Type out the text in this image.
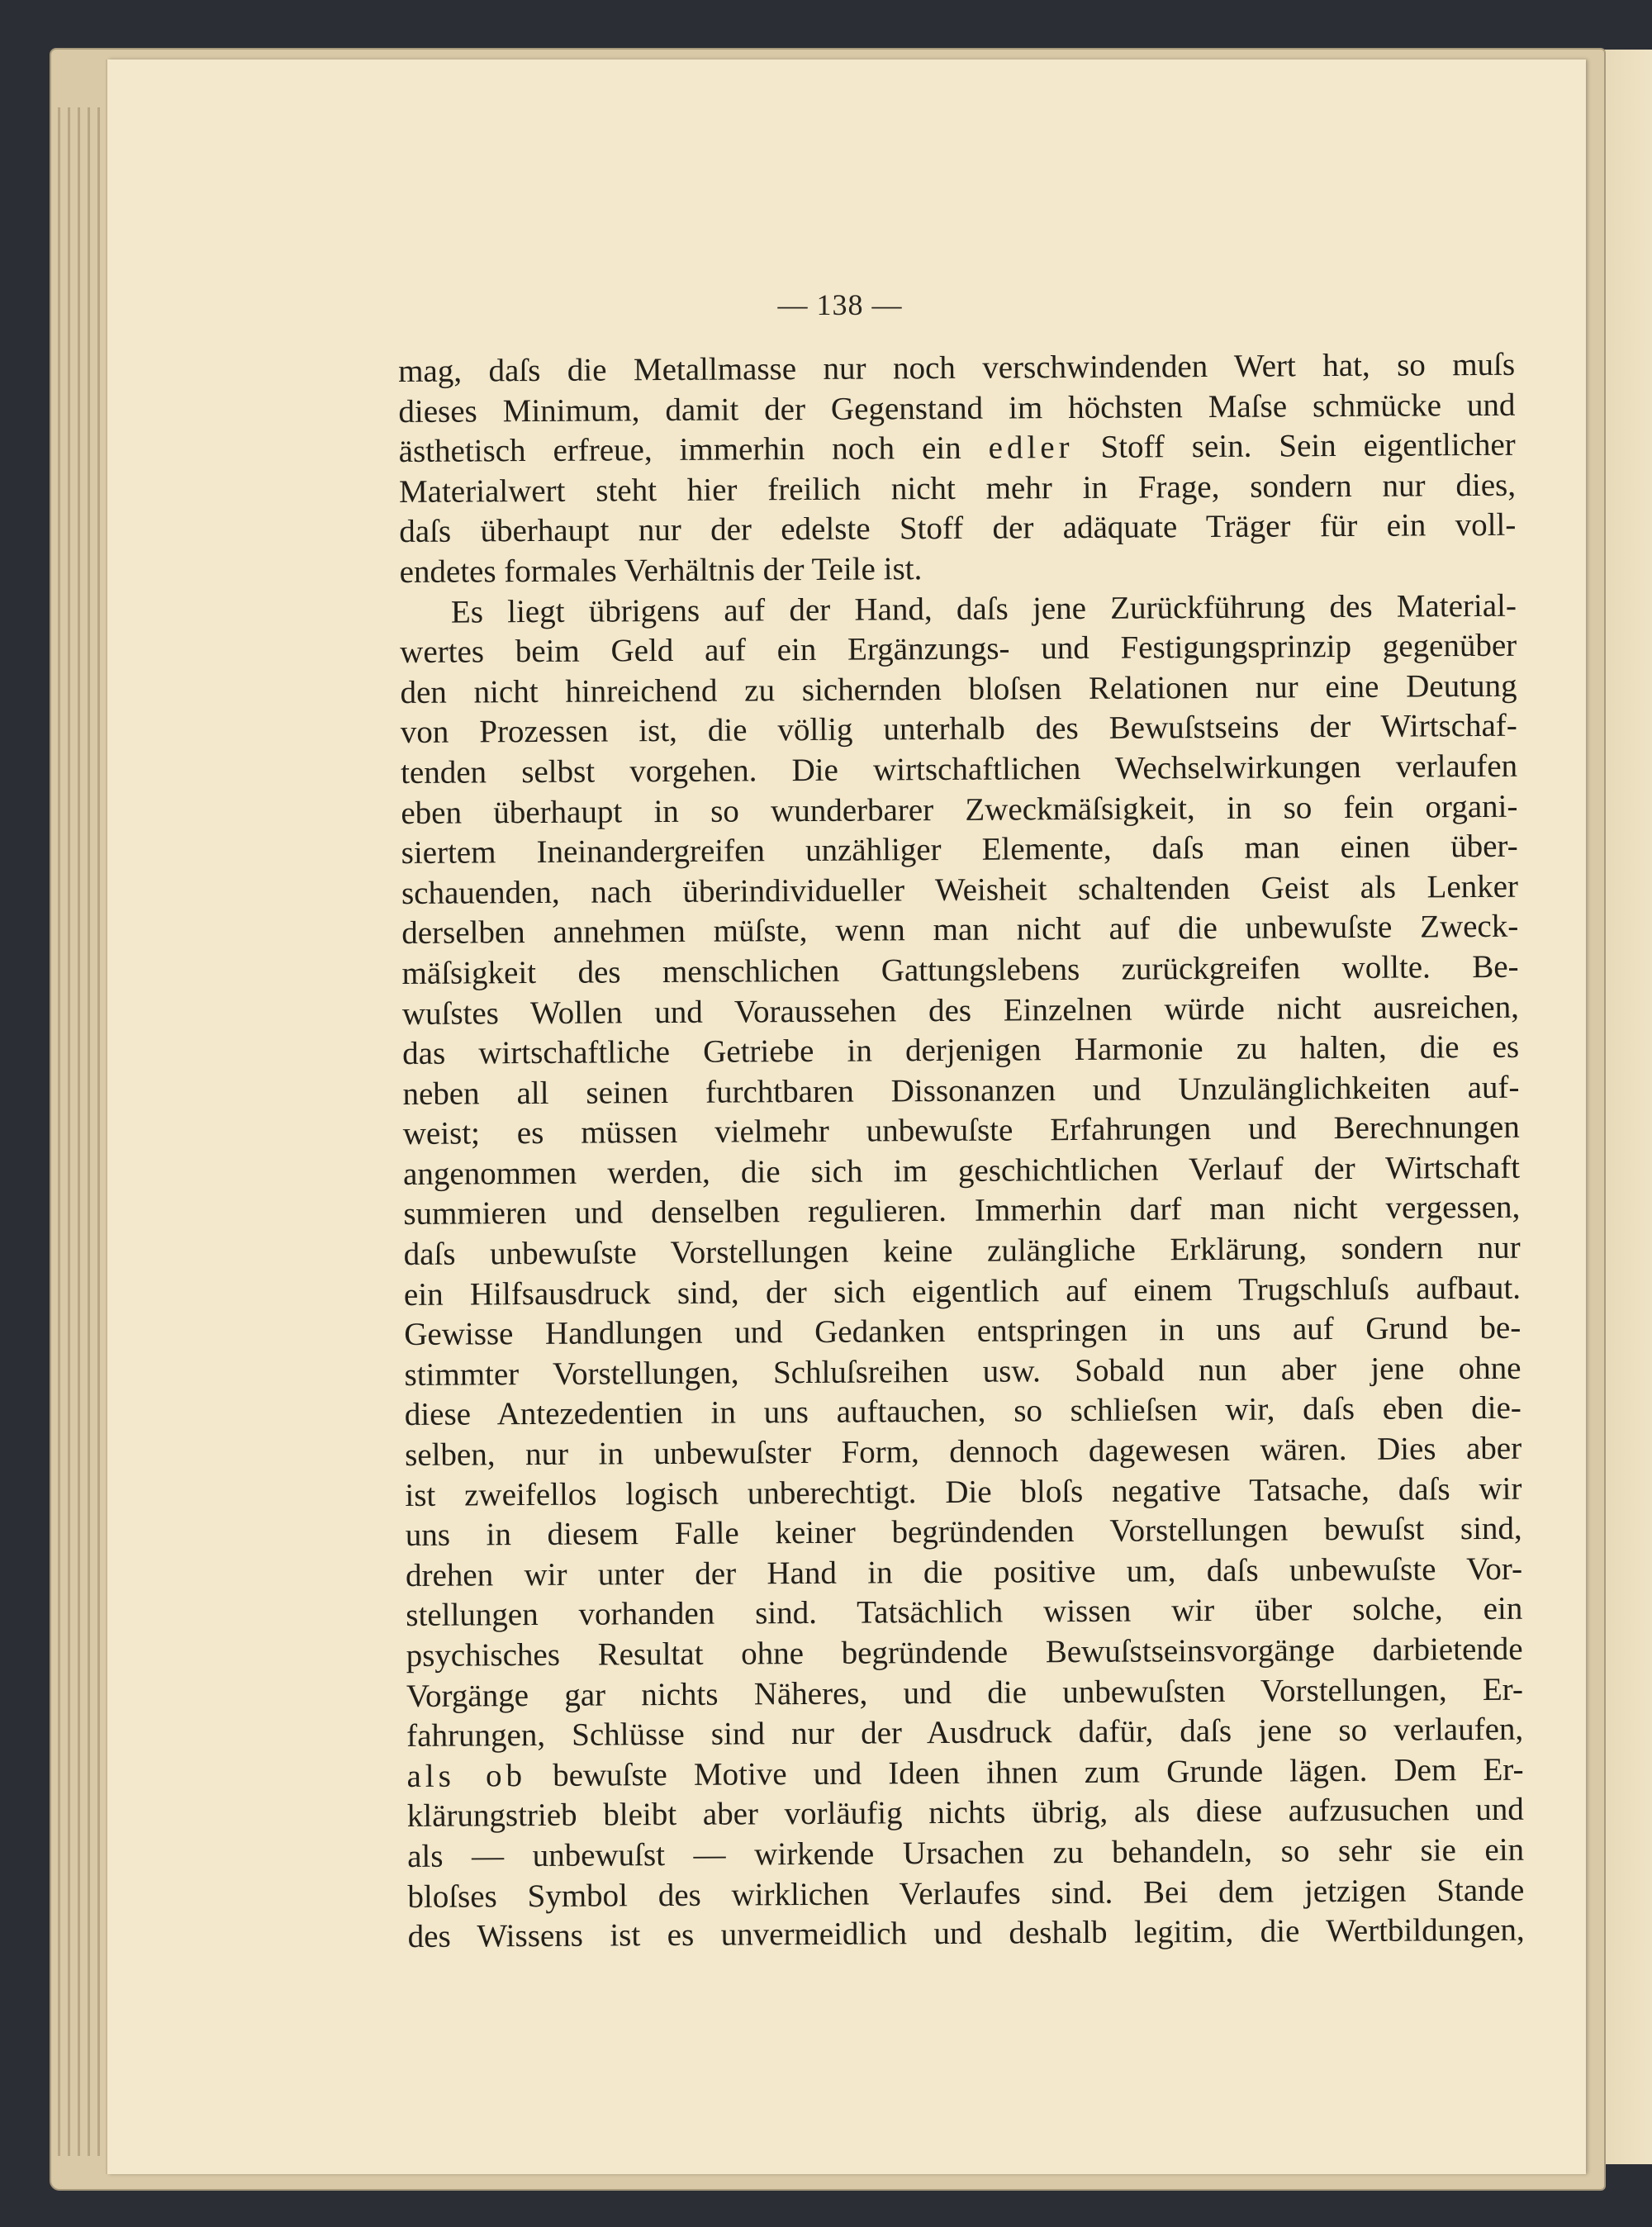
— 138 —
mag, daſs die Metallmasse nur noch verschwindenden Wert hat, so muſs
dieses Minimum, damit der Gegenstand im höchsten Maſse schmücke und
ästhetisch erfreue, immerhin noch ein edler Stoff sein. Sein eigentlicher
Materialwert steht hier freilich nicht mehr in Frage, sondern nur dies,
daſs überhaupt nur der edelste Stoff der adäquate Träger für ein voll-
endetes formales Verhältnis der Teile ist.
Es liegt übrigens auf der Hand, daſs jene Zurückführung des Material-
wertes beim Geld auf ein Ergänzungs- und Festigungsprinzip gegenüber
den nicht hinreichend zu sichernden bloſsen Relationen nur eine Deutung
von Prozessen ist, die völlig unterhalb des Bewuſstseins der Wirtschaf-
tenden selbst vorgehen. Die wirtschaftlichen Wechselwirkungen verlaufen
eben überhaupt in so wunderbarer Zweckmäſsigkeit, in so fein organi-
siertem Ineinandergreifen unzähliger Elemente, daſs man einen über-
schauenden, nach überindividueller Weisheit schaltenden Geist als Lenker
derselben annehmen müſste, wenn man nicht auf die unbewuſste Zweck-
mäſsigkeit des menschlichen Gattungslebens zurückgreifen wollte. Be-
wuſstes Wollen und Voraussehen des Einzelnen würde nicht ausreichen,
das wirtschaftliche Getriebe in derjenigen Harmonie zu halten, die es
neben all seinen furchtbaren Dissonanzen und Unzulänglichkeiten auf-
weist; es müssen vielmehr unbewuſste Erfahrungen und Berechnungen
angenommen werden, die sich im geschichtlichen Verlauf der Wirtschaft
summieren und denselben regulieren. Immerhin darf man nicht vergessen,
daſs unbewuſste Vorstellungen keine zulängliche Erklärung, sondern nur
ein Hilfsausdruck sind, der sich eigentlich auf einem Trugschluſs aufbaut.
Gewisse Handlungen und Gedanken entspringen in uns auf Grund be-
stimmter Vorstellungen, Schluſsreihen usw. Sobald nun aber jene ohne
diese Antezedentien in uns auftauchen, so schlieſsen wir, daſs eben die-
selben, nur in unbewuſster Form, dennoch dagewesen wären. Dies aber
ist zweifellos logisch unberechtigt. Die bloſs negative Tatsache, daſs wir
uns in diesem Falle keiner begründenden Vorstellungen bewuſst sind,
drehen wir unter der Hand in die positive um, daſs unbewuſste Vor-
stellungen vorhanden sind. Tatsächlich wissen wir über solche, ein
psychisches Resultat ohne begründende Bewuſstseinsvorgänge darbietende
Vorgänge gar nichts Näheres, und die unbewuſsten Vorstellungen, Er-
fahrungen, Schlüsse sind nur der Ausdruck dafür, daſs jene so verlaufen,
als ob bewuſste Motive und Ideen ihnen zum Grunde lägen. Dem Er-
klärungstrieb bleibt aber vorläufig nichts übrig, als diese aufzusuchen und
als — unbewuſst — wirkende Ursachen zu behandeln, so sehr sie ein
bloſses Symbol des wirklichen Verlaufes sind. Bei dem jetzigen Stande
des Wissens ist es unvermeidlich und deshalb legitim, die Wertbildungen,
